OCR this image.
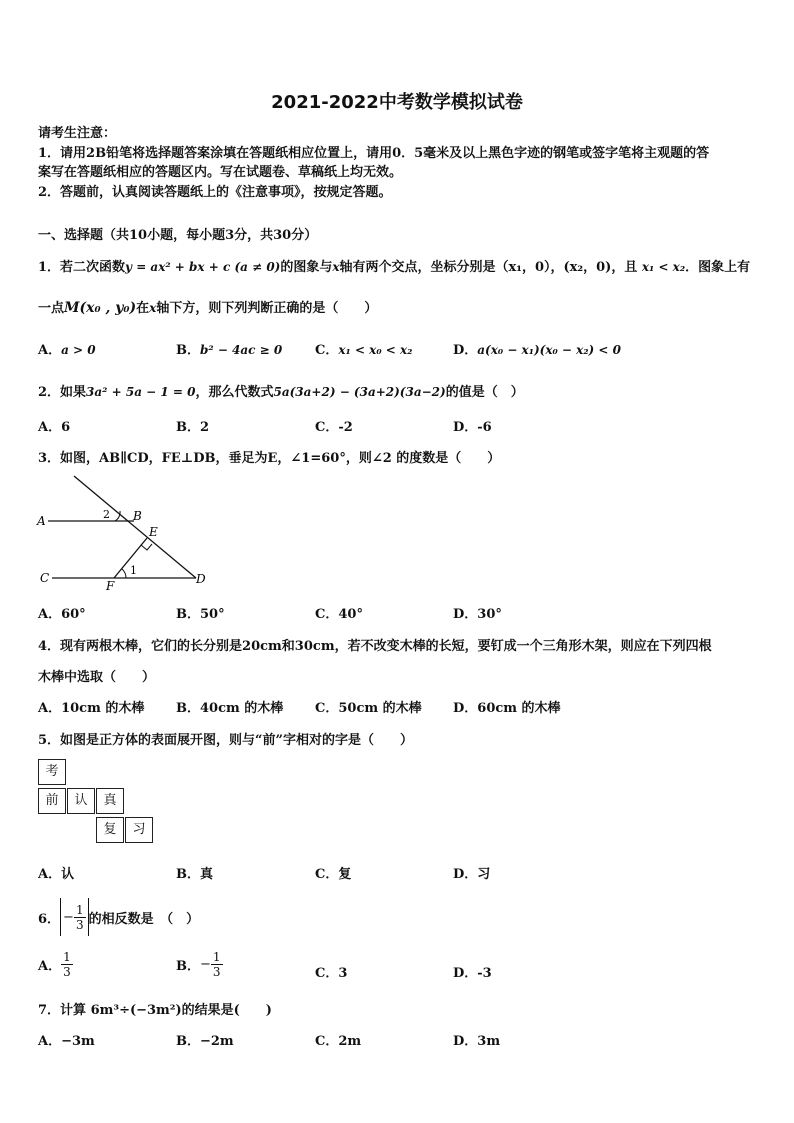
2021-2022中考数学模拟试卷
请考生注意：
1．请用2B铅笔将选择题答案涂填在答题纸相应位置上，请用0．5毫米及以上黑色字迹的钢笔或签字笔将主观题的答
案写在答题纸相应的答题区内。写在试题卷、草稿纸上均无效。
2．答题前，认真阅读答题纸上的《注意事项》，按规定答题。
一、选择题（共10小题，每小题3分，共30分）
1．若二次函数y = ax² + bx + c (a ≠ 0)的图象与x轴有两个交点，坐标分别是（x₁，0），(x₂，0)，且 x₁ < x₂．图象上有
一点M(x₀ , y₀)在x轴下方，则下列判断正确的是（　　）
A．a > 0	B．b² − 4ac ≥ 0	C．x₁ < x₀ < x₂	D．a(x₀ − x₁)(x₀ − x₂) < 0
2．如果3a² + 5a − 1 = 0，那么代数式5a(3a+2) − (3a+2)(3a−2)的值是（　）
A．6	B．2	C．-2	D．-6
3．如图，AB∥CD，FE⊥DB，垂足为E，∠1=60°，则∠2 的度数是（　　）
A	B
C	D
E
F
1
2
A．60°	B．50°	C．40°	D．30°
4．现有两根木棒，它们的长分别是20cm和30cm，若不改变木棒的长短，要钉成一个三角形木架，则应在下列四根
木棒中选取（　　）
A．10cm 的木棒 B．40cm 的木棒 C．50cm 的木棒 D．60cm 的木棒
5．如图是正方体的表面展开图，则与“前”字相对的字是（　　）
考
前	认	真
复	习
A．认	B．真	C．复	D．习
6． − $\frac{1}{3}$ 的相反数是　（　）
A． $\frac{1}{3}$	B． − $\frac{1}{3}$	C．3	D．-3
7．计算 6m³÷(−3m²)的结果是(　　)
A．−3m	B．−2m	C．2m	D．3m
